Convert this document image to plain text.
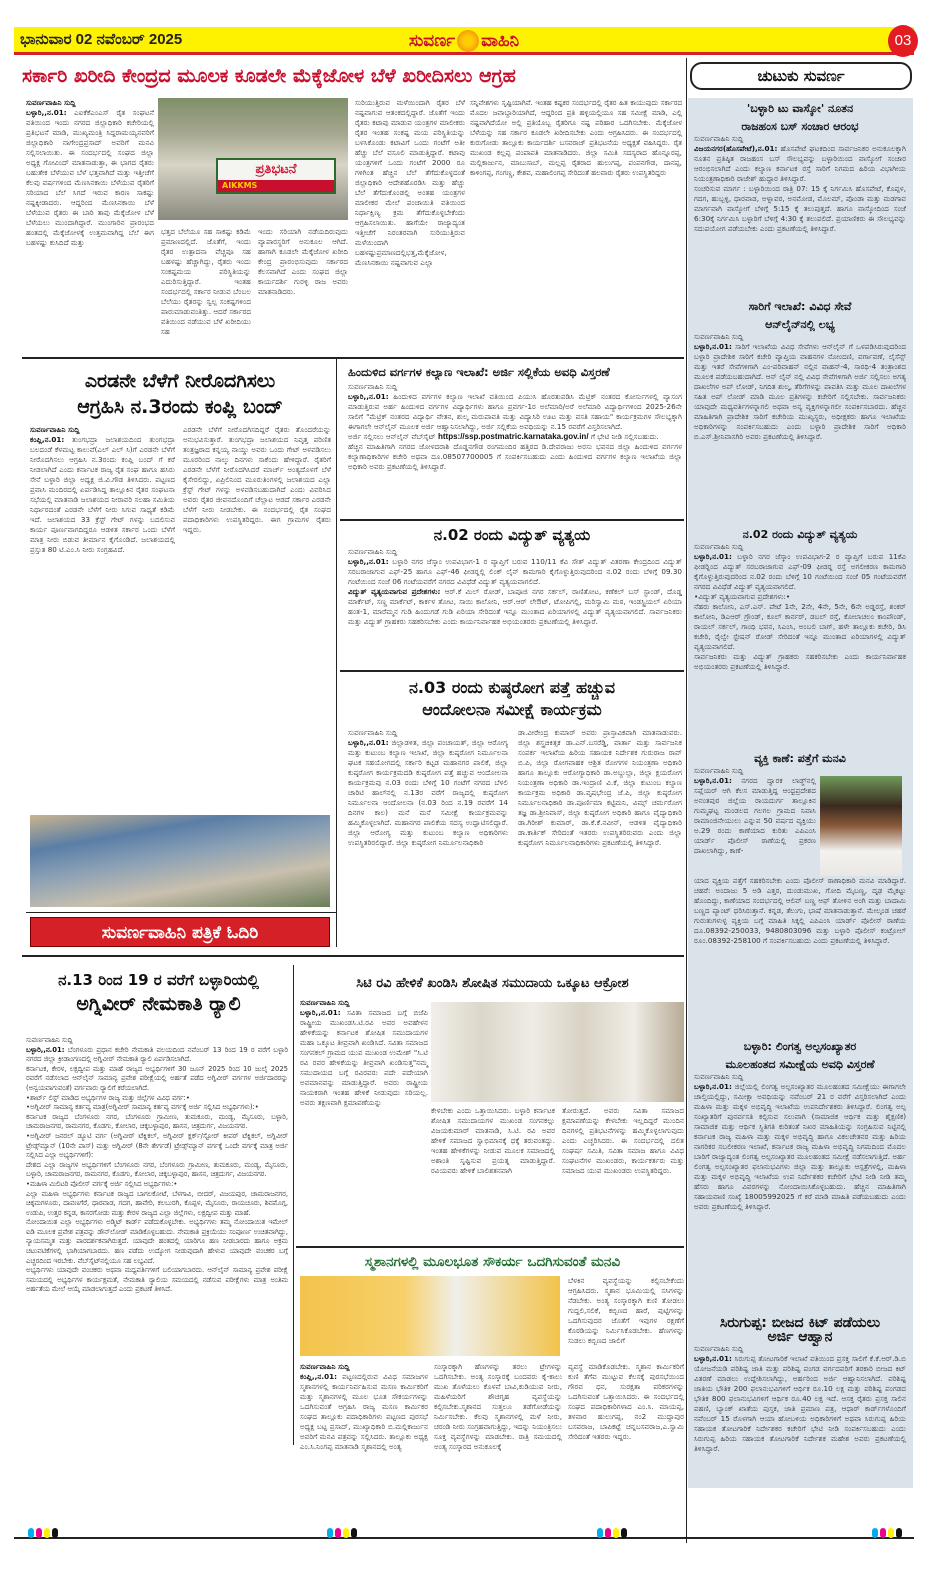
ಭಾನುವಾರ 02 ನವೆಂಬರ್ 2025	ಸುವರ್ಣ ವಾಹಿನಿ	03
ಸರ್ಕಾರಿ ಖರೀದಿ ಕೇಂದ್ರದ ಮೂಲಕ ಕೂಡಲೇ ಮೆಕ್ಕೆಜೋಳ ಬೆಳೆ ಖರೀದಿಸಲು ಆಗ್ರಹ

ಸುವರ್ಣವಾಹಿನಿ ಸುದ್ದಿ

ಬಳ್ಳಾರಿ,,ನ.01: ಎಐಕೆಕೆಎಂಎಸ್ ರೈತ ಸಂಘಟನೆ ವತಿಯಿಂದ ಇಂದು ನಗರದ ಜಿಲ್ಲಾಧಿಕಾರಿ ಕಚೇರಿಯಲ್ಲಿ ಪ್ರತಿಭಟನೆ ಮಾಡಿ, ಮುಖ್ಯಮಂತ್ರಿ ಸಿದ್ದರಾಮಯ್ಯನವರಿಗೆ ಜಿಲ್ಲಾಧಿಕಾರಿ ನಾಗೇಂದ್ರಪ್ರಸಾದ್ ಅವರಿಗೆ ಮನವಿ ಸಲ್ಲಿಸಲಾಯಿತು. ಈ ಸಂದರ್ಭದಲ್ಲಿ ಸಂಘದ ಜಿಲ್ಲಾ ಅಧ್ಯಕ್ಷ ಗೋವಿಂದ್ ಮಾತನಾಡುತ್ತಾ, ಈ ಭಾಗದ ರೈತರು ಬಹುತೇಕ ಬೆಳೆಯುವ ಬೆಳೆ ಭತ್ತವಾಗಿದೆ ಮತ್ತು ಇತ್ತೀಚೆಗೆ ಕೆಲವು ವರ್ಷಗಳಿಂದ ಮೆಣಸಿನಕಾಯಿ ಬೆಳೆಯುವ ರೈತರಿಗೆ ಸರಿಯಾದ ಬೆಲೆ ಸಿಗದೆ ಇರುವ ಕಾರಣ ಸಾಕಷ್ಟು ನಷ್ಟಕ್ಕೀಡಾದರು. ಆದ್ದರಿಂದ ಮೆಣಸಿನಕಾಯಿ ಬೆಳೆ ಬೆಳೆಯುವ ರೈತರು ಈ ಬಾರಿ ತಾವು ಮೆಕ್ಕೆಜೋಳ ಬೆಳೆ ಬೆಳೆಯಲು ಮುಂದಾಗಿದ್ದಾರೆ. ಮುಂಗಾರಿನ ಪ್ರಾರಂಭದ ಹಂತದಲ್ಲಿ ಮೆಕ್ಕೆಜೋಳಕ್ಕೆ ಉತ್ತಮವಾಗಿದ್ದ ಬೆಲೆ ಈಗ ಬಹಳಷ್ಟು ಕುಸಿದಿದೆ ಮತ್ತು

ಪ್ರತಿಭಟನೆ
AIKKMS
ಭತ್ತದ ಬೆಲೆಯೂ ಸಹ ಸಾಕಷ್ಟು ಕಡಿಮೆ ಪ್ರಮಾಣದಲ್ಲಿದೆ. ಜೊತೆಗೆ, ಇಂದು ರೈತರ ಉತ್ಪಾದನಾ ವೆಚ್ಚವೂ ಸಹ ಬಹಳಷ್ಟು ಹೆಚ್ಚಾಗಿದ್ದು, ರೈತರು ಇಂದು ಸಂಕಷ್ಟಮಯ ಪರಿಸ್ಥಿತಿಯನ್ನು ಎದುರಿಸುತ್ತಿದ್ದಾರೆ. ಇಂತಹ ಸಂದರ್ಭದಲ್ಲಿ ಸರ್ಕಾರ ನೀಡುವ ಬೆಂಬಲ ಬೆಲೆಯು ರೈತರನ್ನು ಸ್ವಲ್ಪ ಸಂಕಷ್ಟಗಳಿಂದ ಪಾರುಮಾಡುವಂತಿತ್ತು. ಆದರೆ ಸರ್ಕಾರದ ವತಿಯಿಂದ ನಡೆಯುವ ಬೆಳೆ ಖರೀದಿಯು ಸಹ
ಇಂದು ಸರಿಯಾಗಿ ನಡೆಯದಿರುವುದು ವ್ಯಾಪಾರಸ್ಥರಿಗೆ ಅನುಕೂಲ ಆಗಿದೆ. ಹಾಗಾಗಿ ಕೂಡಲೇ ಮೆಕ್ಕೆಜೋಳ ಖರೀದಿ ಕೇಂದ್ರ ಪ್ರಾರಂಭಿಸುವುದು ಸರ್ಕಾರದ ಕೆಲಸವಾಗಿದೆ ಎಂದು ಸಂಘದ ಜಿಲ್ಲಾ ಕಾರ್ಯದರ್ಶಿ ಗುರಳ್ಳಿ ರಾಜ ಅವರು ಮಾತನಾಡಿದರು.
ಸುರಿಯುತ್ತಿರುವ ಮಳೆಯಿಂದಾಗಿ ರೈತರ ಬೆಳೆ ನಷ್ಟವಾಗುವ ಆತಂಕದಲ್ಲಿದ್ದಾರೆ. ಜೊತೆಗೆ ಇಂದು ರೈತರು ಕಟಾವು ಮಾಡುವ ಯಂತ್ರಗಳ ಮಾಲೀಕರು ರೈತರ ಇಂತಹ ಸಂಕಷ್ಟ ಮಯ ಪರಿಸ್ಥಿತಿಯನ್ನು ಬಳಸಿಕೊಂಡು ಕಟಾವಿಗೆ ಒಂದು ಗಂಟೆಗೆ ಅತೀ ಹೆಚ್ಚು ಬೆಲೆ ವಸೂಲಿ ಮಾಡುತ್ತಿದ್ದಾರೆ. ಕಟಾವು ಯಂತ್ರಗಳಿಗೆ ಒಂದು ಗಂಟೆಗೆ 2000 ರೂ ಗಳಿಗಿಂತ ಹೆಚ್ಚಿನ ಬೆಲೆ ತೆಗೆದುಕೊಳ್ಳದಂತೆ ಜಿಲ್ಲಾಧಿಕಾರಿ ಆದೇಶಹೊರಡಿಸಿ ಮತ್ತು ಹೆಚ್ಚು ಬೆಲೆ ತೆಗೆದುಕೊಂಡಲ್ಲಿ ಅಂತಹ ಯಂತ್ರಗಳ ಮಾಲೀಕರ ಮೇಲೆ ಪಂಚಾಯಿತಿ ವತಿಯಿಂದ ನಿರ್ಧಾಕ್ಷಿಣ್ಯ ಕ್ರಮ ತೆಗೆದುಕೊಳ್ಳಬೇಕೆಂದು ಆಗ್ರಹಿಸಲಾಯಿತು. ಹಾಗೆಯೇ ರಾಜ್ಯಾದ್ಯಂತ ಇತ್ತೀಚೆಗೆ ನಿರಂತರವಾಗಿ ಸುರಿಯುತ್ತಿರುವ ಮಳೆಯಿಂದಾಗಿ ಬಹಳಷ್ಟುಪ್ರಮಾಣದಲ್ಲಿಭತ್ತ,ಮೆಕ್ಕೆಜೋಳ, ಮೆಣಸಿನಕಾಯಿ ನಷ್ಟವಾಗುವ ಎಲ್ಲಾ
ಸನ್ನಿವೇಶಗಳು ಸೃಷ್ಟಿಯಾಗಿವೆ. ಇಂತಹ ಕಷ್ಟಕರ ಸಂದರ್ಭದಲ್ಲಿ ರೈತರ ಹಿತ ಕಾಯುವುದು ಸರ್ಕಾರದ ಮೊದಲ ಜವಾಬ್ದಾರಿಯಾಗಿದೆ, ಆದ್ದರಿಂದ ಪ್ರತಿ ಹಳ್ಳಿಯಲ್ಲಿಯೂ ಸಹ ಸಮೀಕ್ಷೆ ಮಾಡಿ, ಎಲ್ಲಿ ನಷ್ಟವಾಗಿದೆಯೋ ಅಲ್ಲಿ ಪ್ರತಿಯೊಬ್ಬ ರೈತರಿಗೂ ನಷ್ಟ ಪರಿಹಾರ ಒದಗಿಸಬೇಕು. ಮೆಕ್ಕೆಜೋಳ ಬೆಳೆಯನ್ನು ಸಹ ಸರ್ಕಾರ ಕೂಡಲೇ ಖರೀದಿಸಬೇಕು ಎಂದು ಆಗ್ರಹಿಸಿದರು. ಈ ಸಂದರ್ಭದಲ್ಲಿ ಕುರುಗೋಡು ತಾಲ್ಲೂಕು ಕಾರ್ಯದರ್ಶಿ ಬಸವರಾಜ್ ಪ್ರತಿಭಟನೆಯ ಅಧ್ಯಕ್ಷತೆ ವಹಿಸಿದ್ದರು. ರೈತ ಮುಖಂಡ ಕಲ್ಲಪ್ಪ ಪಂಪಾಪತಿ ಮಾತನಾಡಿದರು. ಜಿಲ್ಲಾ ಸಮಿತಿ ಸದಸ್ಯರಾದ ಹೊನ್ನೂರಪ್ಪ, ಮಲ್ಲಿಕಾರ್ಜುನ, ಮಾಬುಸಾಬ್, ಮಲ್ಲಪ್ಪ ರೈತರಾದ ಹುಲುಗಪ್ಪ, ಪಂಪನಗೌಡ, ದಾನಪ್ಪ, ಕಾಳಿಂಗಪ್ಪ, ಗಂಗಣ್ಣ, ಕೇಶವ, ಮಹಾಲಿಂಗಪ್ಪ ಸೇರಿದಂತೆ ಹಲವಾರು ರೈತರು ಉಪಸ್ಥಿತರಿದ್ದರು
ಎರಡನೇ ಬೆಳೆಗೆ ನೀರೊದಗಿಸಲು
ಆಗ್ರಹಿಸಿ ನ.3ರಂದು ಕಂಪ್ಲಿ ಬಂದ್

ಸುವರ್ಣವಾಹಿನಿ ಸುದ್ದಿ

ಕಂಪ್ಲಿ,ನ.01: ತುಂಗಭದ್ರಾ ಜಲಾಶಯದಿಂದ ತುಂಗಭದ್ರಾ ಬಲದಂಡೆ ಕೆಳಮಟ್ಟ ಕಾಲುವೆ(ಎಲ್ ಎಲ್ ಸಿ)ಗೆ ಎರಡನೇ ಬೆಳೆಗೆ ನೀರೊದಗಿಸಲು ಆಗ್ರಹಿಸಿ ನ.3ರಂದು ಕಂಪ್ಲಿ ಬಂದ್ ಗೆ ಕರೆ ನೀಡಲಾಗಿದೆ ಎಂದು ಕರ್ನಾಟಕ ರಾಜ್ಯ ರೈತ ಸಂಘ ಹಾಗೂ ಹಸಿರು ಸೇನೆ ಬಳ್ಳಾರಿ ಜಿಲ್ಲಾ ಅಧ್ಯಕ್ಷ ಜಿ.ವಿ.ಗೌಡ ತಿಳಿಸಿದರು. ಪಟ್ಟಣದ ಪ್ರವಾಸಿ ಮಂದಿರದಲ್ಲಿ ಏರ್ಪಡಿಸಿದ್ದ ತಾಲ್ಲೂಕಿನ ರೈತರ ಸಂಘಟನಾ ಸಭೆಯಲ್ಲಿ ಮಾತನಾಡಿ ಜಲಾಶಯದ ನೀರಾವರಿ ಸಲಹಾ ಸಮಿತಿಯ ನಿರ್ಧಾರದಂತೆ ಎರಡನೇ ಬೆಳೆಗೆ ನೀರು ಸಿಗುವ ಸಾಧ್ಯತೆ ಕಡಿಮೆ ಇದೆ. ಜಲಾಶಯದ 33 ಕ್ರೆಸ್ಟ್ ಗೇಟ್ ಗಳನ್ನು ಬದಲಿಸುವ ಕಾರ್ಯ ಪೂರ್ಣವಾಗದಿದ್ದರೂ ಆಡಳಿತ ಸರ್ಕಾರ ಒಂದು ಬೆಳೆಗೆ ಮಾತ್ರ ನೀರು ಬಿಡುವ ತೀರ್ಮಾನ ಕೈಗೊಂಡಿದೆ. ಜಲಾಶಯದಲ್ಲಿ ಪ್ರಸ್ತುತ 80 ಟಿ.ಎಂ.ಸಿ ನೀರು ಸಂಗ್ರಹವಿದೆ.

ಎರಡನೇ ಬೆಳೆಗೆ ನೀರೊದಗಿಸದಿದ್ದರೆ ರೈತರು ತೊಂದರೆಯನ್ನು ಅನುಭವಿಸುತ್ತಾರೆ. ತುಂಗಭದ್ರಾ ಜಲಾಶಯದ ನಿವೃತ್ತ ಪರಿಣಿತ ತಂತ್ರಜ್ಞರಾದ ಕನ್ನಯ್ಯ ನಾಯ್ಡು ಅವರು ಒಂದು ಗೇಟ್ ಅಳವಡಿಸಲು ಮೂರರಿಂದ ನಾಲ್ಕು ದಿನಗಳು ಸಾಕೆಂದು ಹೇಳಿದ್ದಾರೆ. ರೈತರಿಗೆ ಎರಡನೇ ಬೆಳೆಗೆ ನೀರೊದಗಿಸಿದರೆ ಮಾರ್ಚ್ ಅಂತ್ಯದೊಳಗೆ ಬೆಳೆ ಕೈಸೇರಲಿದ್ದು, ಏಪ್ರಿಲಿನಿಂದ ಮೂರುತಿಂಗಳಲ್ಲಿ ಜಲಾಶಯದ ಎಲ್ಲಾ ಕ್ರೆಸ್ಟ್ ಗೇಟ್ ಗಳನ್ನು ಅಳವಡಿಸಬಹುದಾಗಿದೆ ಎಂದು ವಿವರಿಸಿದ ಅವರು ರೈತರ ಜೀವನದೊಂದಿಗೆ ಚೆಲ್ಲಾಟ ಆಡದೆ ಸರ್ಕಾರ ಎರಡನೇ ಬೆಳೆಗೆ ನೀರು ನೀಡಬೇಕು. ಈ ಸಂದರ್ಭದಲ್ಲಿ ರೈತ ಸಂಘದ ಪದಾಧಿಕಾರಿಗಳು ಉಪಸ್ಥಿತರಿದ್ದರು. ಈಗ ಗ್ರಾಮಗಳ ರೈತರು ಇದ್ದರು.
ಸುವರ್ಣವಾಹಿನಿ ಪತ್ರಿಕೆ ಓದಿರಿ
ಹಿಂದುಳಿದ ವರ್ಗಗಳ ಕಲ್ಯಾಣ ಇಲಾಖೆ: ಅರ್ಜಿ ಸಲ್ಲಿಕೆಯ ಅವಧಿ ವಿಸ್ತರಣೆ

ಸುವರ್ಣವಾಹಿನಿ ಸುದ್ದಿ

ಬಳ್ಳಾರಿ,,ನ.01: ಹಿಂದುಳಿದ ವರ್ಗಗಳ ಕಲ್ಯಾಣ ಇಲಾಖೆ ವತಿಯಿಂದ ಪಿಯುಸಿ ಹೊರತುಪಡಿಸಿ ಮೆಟ್ರಿಕ್ ನಂತರದ ಕೋರ್ಸುಗಳಲ್ಲಿ ವ್ಯಾಸಂಗ ಮಾಡುತ್ತಿರುವ ಅರ್ಹ ಹಿಂದುಳಿದ ವರ್ಗಗಳ ವಿದ್ಯಾರ್ಥಿಗಳು ಹಾಗೂ ಪ್ರವರ್ಗ-1ರ ಅಲೆಮಾರಿ/ಅರೆ ಅಲೆಮಾರಿ ವಿದ್ಯಾರ್ಥಿಗಳಿಂದ 2025-26ನೇ ಸಾಲಿಗೆ "ಮೆಟ್ರಿಕ್ ನಂತರದ ವಿದ್ಯಾರ್ಥಿ ವೇತನ, ಶುಲ್ಕ ಮರುಪಾವತಿ ಮತ್ತು ವಿದ್ಯಾಸಿರಿ ಊಟ ಮತ್ತು ವಸತಿ ಸಹಾಯ" ಕಾರ್ಯಕ್ರಮಗಳ ಸೌಲಭ್ಯಕ್ಕಾಗಿ ಈಗಾಗಲೇ ಆನ್‍ಲೈನ್ ಮೂಲಕ ಅರ್ಜಿ ಆಹ್ವಾನಿಸಲಾಗಿದ್ದು, ಅರ್ಜಿ ಸಲ್ಲಿಕೆಯ ಅವಧಿಯನ್ನು ನ.15 ರವರೆಗೆ ವಿಸ್ತರಿಸಲಾಗಿದೆ.

ಅರ್ಜಿ ಸಲ್ಲಿಸಲು ಆನ್‍ಲೈನ್ ವೆಬ್‍ಸೈಟ್ https://ssp.postmatric.karnataka.gov.in/ ಗೆ ಭೇಟಿ ನೀಡಿ ಸಲ್ಲಿಸಬಹುದು.

ಹೆಚ್ಚಿನ ಮಾಹಿತಿಗಾಗಿ ನಗರದ ಜೋಳದರಾಶಿ ದೊಡ್ಡನಗೌಡ ರಂಗಮಂದಿರ ಹತ್ತಿರದ ಡಿ.ದೇವರಾಜು ಅರಸು ಭವನದ ಜಿಲ್ಲಾ ಹಿಂದುಳಿದ ವರ್ಗಗಳ ಕಲ್ಯಾಣಾಧಿಕಾರಿಗಳ ಕಚೇರಿ ಅಥವಾ ದೂ.08507700005 ಗೆ ಸಂಪರ್ಕಿಸಬಹುದು ಎಂದು ಹಿಂದುಳಿದ ವರ್ಗಗಳ ಕಲ್ಯಾಣ ಇಲಾಖೆಯ ಜಿಲ್ಲಾ ಅಧಿಕಾರಿ ಅವರು ಪ್ರಕಟಣೆಯಲ್ಲಿ ತಿಳಿಸಿದ್ದಾರೆ.

ನ.02 ರಂದು ವಿದ್ಯುತ್ ವ್ಯತ್ಯಯ

ಸುವರ್ಣವಾಹಿನಿ ಸುದ್ದಿ

ಬಳ್ಳಾರಿ,,ನ.01: ಬಳ್ಳಾರಿ ನಗರ ಜೆಸ್ಕಾಂ ಉಪವಿಭಾಗ-1 ರ ವ್ಯಾಪ್ತಿಗೆ ಬರುವ 110/11 ಕೆವಿ ಸೌತ್ ವಿದ್ಯುತ್ ವಿತರಣಾ ಕೇಂದ್ರದಿಂದ ವಿದ್ಯುತ್ ಸರಬರಾಜಾಗುವ ಎಫ್-25 ಹಾಗೂ ಎಫ್-46 ಫೀಡರ್‍ನಲ್ಲಿ ಲಿಂಕ್ ಲೈನ್ ಕಾಮಗಾರಿ ಕೈಗೊಳ್ಳುತ್ತಿರುವುದರಿಂದ ನ.02 ರಂದು ಬೆಳಿಗ್ಗೆ 09.30 ಗಂಟೆಯಿಂದ ಸಂಜೆ 06 ಗಂಟೆಯವರೆಗೆ ನಗರದ ವಿವಿಧೆಡೆ ವಿದ್ಯುತ್ ವ್ಯತ್ಯಯವಾಗಲಿದೆ.

ವಿದ್ಯುತ್ ವ್ಯತ್ಯಯವಾಗುವ ಪ್ರದೇಶಗಳು: ಆರ್.ಕೆ ಮಿಲ್ ರೋಡ್, ಬಾಪೂಜಿ ನಗರ ಸರ್ಕಲ್, ರಾಣಿತೋಟ, ಕಣೆಕಲ್ ಬಸ್ ಸ್ಟಾಂಡ್, ದೊಡ್ಡ ಮಾರ್ಕೆಟ್, ಸಣ್ಣ ಮಾರ್ಕೆಟ್, ಕಾರ್ಕಳ ತೋಟ, ಸಾಯಿ ಕಾಲೋನಿ, ಆರ್.ಆರ್ ಲೇಔಟ್, ಟೋಪಿಗಲ್ಲಿ, ಮರಿಸ್ವಾಮಿ ಮಠ, ಇಂಡಸ್ಟ್ರಿಯಲ್ ಏರಿಯಾ ಹಂತ-1, ಮಾರೆಮ್ಮನ ಗುಡಿ ಹಿಂದುಗಡೆ ಗುಡಿ ಏರಿಯಾ ಸೇರಿದಂತೆ ಇನ್ನೂ ಮುಂತಾದ ಏರಿಯಾಗಳಲ್ಲಿ ವಿದ್ಯುತ್ ವ್ಯತ್ಯಯವಾಗಲಿದೆ. ಸಾರ್ವಜನಿಕರು ಮತ್ತು ವಿದ್ಯುತ್ ಗ್ರಾಹಕರು ಸಹಕರಿಸಬೇಕು ಎಂದು ಕಾರ್ಯನಿರ್ವಾಹಕ ಅಭಿಯಂತರರು ಪ್ರಕಟಣೆಯಲ್ಲಿ ತಿಳಿಸಿದ್ದಾರೆ.

ನ.03 ರಂದು ಕುಷ್ಠರೋಗ ಪತ್ತೆ ಹಚ್ಚುವ
ಆಂದೋಲನಾ ಸಮೀಕ್ಷೆ ಕಾರ್ಯಕ್ರಮ

ಸುವರ್ಣವಾಹಿನಿ ಸುದ್ದಿ

ಬಳ್ಳಾರಿ,,ನ.01: ಜಿಲ್ಲಾಡಳಿತ, ಜಿಲ್ಲಾ ಪಂಚಾಯತ್, ಜಿಲ್ಲಾ ಆರೋಗ್ಯ ಮತ್ತು ಕುಟುಂಬ ಕಲ್ಯಾಣ ಇಲಾಖೆ, ಜಿಲ್ಲಾ ಕುಷ್ಠರೋಗ ನಿರ್ಮೂಲನಾ ಘಟಕ ಸಹಯೋಗದಲ್ಲಿ ಸರ್ಕಾರಿ ಕಟ್ಟಡ ಮಹಾನಗರ ಪಾಲಿಕೆ, ಜಿಲ್ಲಾ ಕುಷ್ಠರೋಗ ಕಾರ್ಯಕ್ರಮದಡಿ ಕುಷ್ಠರೋಗ ಪತ್ತೆ ಹಚ್ಚುವ ಆಂದೋಲನಾ ಕಾರ್ಯಕ್ರಮವು ನ.03 ರಂದು ಬೆಳಿಗ್ಗೆ 10 ಗಂಟೆಗೆ ನಗರದ ಬೆಳಲಿ ಚಾರಿಟಿ ಹಾಲ್‍ನಲ್ಲಿ ನ.13ರ ವರೆಗೆ ರಾಜ್ಯದಲ್ಲಿ ಕುಷ್ಠರೋಗ ನಿರ್ಮೂಲನಾ ಆಂದೋಲನಾ (ನ.03 ರಿಂದ ನ.19 ರವರೆಗೆ 14 ದಿನಗಳ ಕಾಲ) ಮನೆ ಮನೆ ಸಮೀಕ್ಷೆ ಕಾರ್ಯಕ್ರಮವನ್ನು ಹಮ್ಮಿಕೊಳ್ಳಲಾಗಿದೆ. ಮಹಾನಗರ ಪಾಲಿಕೆಯ ಸದಸ್ಯ ಉದ್ಘಾಟಿಸಲಿದ್ದಾರೆ. ಜಿಲ್ಲಾ ಆರೋಗ್ಯ ಮತ್ತು ಕುಟುಂಬ ಕಲ್ಯಾಣ ಅಧಿಕಾರಿಗಳು ಉಪಸ್ಥಿತರಿರಲಿದ್ದಾರೆ. ಜಿಲ್ಲಾ ಕುಷ್ಠರೋಗ ನಿರ್ಮೂಲನಾಧಿಕಾರಿ

ಡಾ.ವೀರೇಂದ್ರ ಕುಮಾರ್ ಅವರು ಪ್ರಾಸ್ತಾವಿಕವಾಗಿ ಮಾತನಾಡುವರು. ಜಿಲ್ಲಾ ಶಸ್ತ್ರಚಿಕಿತ್ಸಕ ಡಾ.ಎನ್.ಬಸರೆಡ್ಡಿ, ವಾರ್ತಾ ಮತ್ತು ಸಾರ್ವಜನಿಕ ಸಂಪರ್ಕ ಇಲಾಖೆಯ ಹಿರಿಯ ಸಹಾಯಕ ನಿರ್ದೇಶಕ ಗುರುರಾಜ ರಾವ್ ಬಿ.ಪಿ, ಜಿಲ್ಲಾ ರೋಗವಾಹಕ ಆಶ್ರಿತ ರೋಗಗಳ ನಿಯಂತ್ರಣಾ ಅಧಿಕಾರಿ ಹಾಗೂ ತಾಲ್ಲೂಕು ಆರೋಗ್ಯಾಧಿಕಾರಿ ಡಾ.ಅಬ್ದುಲ್ಲಾ, ಜಿಲ್ಲಾ ಕ್ಷಯರೋಗ ನಿಯಂತ್ರಣಾ ಅಧಿಕಾರಿ ಡಾ.ಇಂದ್ರಾಣಿ ವಿ.ಕೆ, ಜಿಲ್ಲಾ ಕುಟುಂಬ ಕಲ್ಯಾಣ ಕಾರ್ಯಕ್ರಮ ಅಧಿಕಾರಿ ಡಾ.ವೃಷಭೇಂದ್ರ ಜೆ.ಪಿ, ಜಿಲ್ಲಾ ಕುಷ್ಠರೋಗ ನಿರ್ಮೂಲನಾಧಿಕಾರಿ ಡಾ.ಪೂರ್ಣಿಮಾ ಕಟ್ಟಿಮನಿ, ವಿಮ್ಸ್ ಚರ್ಮರೋಗ ತಜ್ಞ ಡಾ.ಶ್ರೀನಿವಾಸ್, ಜಿಲ್ಲಾ ಕುಷ್ಠರೋಗ ಅಧಿಕಾರಿ ಹಾಗೂ ವೈದ್ಯಾಧಿಕಾರಿ ಡಾ.ಗಿರೀಶ್ ಕುಮಾರ್, ಡಾ.ಕೆ.ಕೆ.ನವೀನ್, ಆಡಳಿತ ವೈದ್ಯಾಧಿಕಾರಿ ಡಾ.ಕಾರ್ತಿಕ್ ಸೇರಿದಂತೆ ಇತರರು ಉಪಸ್ಥಿತರಿರುವರು ಎಂದು ಜಿಲ್ಲಾ ಕುಷ್ಠರೋಗ ನಿರ್ಮೂಲನಾಧಿಕಾರಿಗಳು ಪ್ರಕಟಣೆಯಲ್ಲಿ ತಿಳಿಸಿದ್ದಾರೆ.
ನ.13 ರಿಂದ 19 ರ ವರೆಗೆ ಬಳ್ಳಾರಿಯಲ್ಲಿ
ಅಗ್ನಿವೀರ್ ನೇಮಕಾತಿ ರ್‍ಯಾಲಿ

ಸುವರ್ಣವಾಹಿನಿ ಸುದ್ದಿ

ಬಳ್ಳಾರಿ,,ನ.01: ಬೆಂಗಳೂರು ಪ್ರಧಾನ ಕಚೇರಿ ನೇಮಕಾತಿ ವಲಯದಿಂದ ನವೆಂಬರ್ 13 ರಿಂದ 19 ರ ವರೆಗೆ ಬಳ್ಳಾರಿ ನಗರದ ಜಿಲ್ಲಾ ಕ್ರೀಡಾಂಗಣದಲ್ಲಿ ಅಗ್ನಿವೀರ್ ನೇಮಕಾತಿ ರ್‍ಯಾಲಿ ಏರ್ಪಡಿಸಲಾಗಿದೆ.

ಕರ್ನಾಟಕ, ಕೇರಳ, ಲಕ್ಷದ್ವೀಪ ಮತ್ತು ಮಾಹೆ ರಾಜ್ಯದ ಅಭ್ಯರ್ಥಿಗಳಿಗೆ 30 ಜೂನ್ 2025 ರಿಂದ 10 ಜುಲೈ 2025 ರವರೆಗೆ ನಡೆಸಲಾದ ಆನ್‍ಲೈನ್ ಸಾಮಾನ್ಯ ಪ್ರವೇಶ ಪರೀಕ್ಷೆಯಲ್ಲಿ ಅರ್ಹತೆ ಪಡೆದ ಅಗ್ನಿವೀರ್ ವರ್ಗಗಳ ಅರ್ಜಿದಾರರನ್ನು (ಅನ್ವಯವಾಗುವಂತೆ) ವರ್ಗವಾರು ರ್‍ಯಾಲಿಗೆ ಕರೆಯಲಾಗಿದೆ.

•ಶಾರ್ಟ್ ಲಿಸ್ಟ್ ಮಾಡಿದ ಅಭ್ಯರ್ಥಿಗಳ ರಾಜ್ಯ ಮತ್ತು ಜಿಲ್ಲೆಗಳ ವಿವಿಧ ವರ್ಗ:•

•ಅಗ್ನಿವೀರ್ ಸಾಮಾನ್ಯ ಕರ್ತವ್ಯ ಮಾತ್ರ(ಅಗ್ನಿವೀರ್ ಸಾಮಾನ್ಯ ಕರ್ತವ್ಯ ವರ್ಗಕ್ಕೆ ಅರ್ಜಿ ಸಲ್ಲಿಸಿದ ಅಭ್ಯರ್ಥಿಗಳು):•

ಕರ್ನಾಟಕ ರಾಜ್ಯದ ಬೆಂಗಳೂರು ನಗರ, ಬೆಂಗಳೂರು ಗ್ರಾಮೀಣ, ತುಮಕೂರು, ಮಂಡ್ಯ, ಮೈಸೂರು, ಬಳ್ಳಾರಿ, ಚಾಮರಾಜನಗರ, ರಾಮನಗರ, ಕೊಡಗು, ಕೋಲಾರ, ಚಿಕ್ಕಬಳ್ಳಾಪುರ, ಹಾಸನ, ಚಿತ್ರದುರ್ಗ, ವಿಜಯನಗರ.

•ಅಗ್ನಿವೀರ್ ಜನರಲ್ ಡ್ಯೂಟಿ ವರ್ಗ (ಅಗ್ನಿವೀರ್ ಟೆಕ್ನಿಕಲ್, ಅಗ್ನಿವೀರ್ ಕ್ಲರ್ಕ್/ಸ್ಟೋರ್ ಕೀಪರ್ ಟೆಕ್ನಿಕಲ್, ಅಗ್ನಿವೀರ್ ಟ್ರೇಡ್ಸ್‌ಮ್ಯಾನ್ (10ನೇ ಪಾಸ್) ಮತ್ತು ಅಗ್ನಿವೀರ್ (8ನೇ ತೇರ್ಗಡೆ) ಟ್ರೇಡ್ಸ್‌ಮ್ಯಾನ್ ವರ್ಗಕ್ಕೆ ಒಂದೇ ವರ್ಗಕ್ಕೆ ಮಾತ್ರ ಅರ್ಜಿ ಸಲ್ಲಿಸಿದ ಎಲ್ಲಾ ಅಭ್ಯರ್ಥಿಗಳಿಗೆ):

ದೇಶದ ಎಲ್ಲಾ ರಾಜ್ಯಗಳ ಅಭ್ಯರ್ಥಿಗಳಿಗೆ ಬೆಂಗಳೂರು ನಗರ, ಬೆಂಗಳೂರು ಗ್ರಾಮೀಣ, ತುಮಕೂರು, ಮಂಡ್ಯ, ಮೈಸೂರು, ಬಳ್ಳಾರಿ, ಚಾಮರಾಜನಗರ, ರಾಮನಗರ, ಕೊಡಗು, ಕೋಲಾರ, ಚಿಕ್ಕಬಳ್ಳಾಪುರ, ಹಾಸನ, ಚಿತ್ರದುರ್ಗ, ವಿಜಯನಗರ.

•ಮಹಿಳಾ ಮಿಲಿಟರಿ ಪೊಲೀಸ್ ವರ್ಗಕ್ಕೆ ಅರ್ಜಿ ಸಲ್ಲಿಸಿದ ಅಭ್ಯರ್ಥಿಗಳು:•

ಎಲ್ಲಾ ಮಹಿಳಾ ಅಭ್ಯರ್ಥಿಗಳು ಕರ್ನಾಟಕ ರಾಜ್ಯದ ಬಾಗಲಕೋಟೆ, ಬೆಳಗಾವಿ, ಬೀದರ್, ವಿಜಯಪುರ, ಚಾಮರಾಜನಗರ, ಚಿಕ್ಕಮಗಳೂರು, ದಾವಣಗೆರೆ, ಧಾರವಾಡ, ಗದಗ, ಹಾವೇರಿ, ಕಲಬುರಗಿ, ಕೊಪ್ಪಳ, ಮೈಸೂರು, ರಾಯಚೂರು, ಶಿವಮೊಗ್ಗ, ಉಡುಪಿ, ಉತ್ತರ ಕನ್ನಡ, ಕಾಸರಗೋಡು ಮತ್ತು ಕೇರಳ ರಾಜ್ಯದ ಎಲ್ಲಾ ಜಿಲ್ಲೆಗಳು, ಲಕ್ಷದ್ವೀಪ ಮತ್ತು ಮಾಹೆ.

ನೋಂದಾಯಿತ ಎಲ್ಲಾ ಅಭ್ಯರ್ಥಿಗಳು ಅಡ್ಮಿಟ್ ಕಾರ್ಡ್ ಪಡೆದುಕೊಳ್ಳಬೇಕು. ಅಭ್ಯರ್ಥಿಗಳು ತಮ್ಮ ನೋಂದಾಯಿತ ಇಮೇಲ್ ಐಡಿ ಮೂಲಕ ಪ್ರವೇಶ ಪತ್ರವನ್ನು ಡೌನ್‍ಲೋಡ್ ಮಾಡಿಕೊಳ್ಳಬಹುದು. ನೇಮಕಾತಿ ಪ್ರಕ್ರಿಯೆಯು ಸಂಪೂರ್ಣ ಉಚಿತವಾಗಿದ್ದು, ನ್ಯಾಯಸಮ್ಮತ ಮತ್ತು ಪಾರದರ್ಶಕವಾಗಿರುತ್ತದೆ. ಯಾವುದೇ ಹಂತದಲ್ಲಿ ಯಾರಿಗೂ ಹಣ ನೀಡಬಾರದು ಹಾಗೂ ಅಕ್ರಮ ಚಟುವಟಿಕೆಗಳಲ್ಲಿ ಭಾಗಿಯಾಗಬಾರದು. ಹಣ ಪಡೆದು ಉದ್ಯೋಗ ನೀಡುವುದಾಗಿ ಹೇಳುವ ಯಾವುದೇ ವಂಚಕರ ಬಗ್ಗೆ ಎಚ್ಚರದಿಂದ ಇರಬೇಕು. ವೆಬ್‍ಸೈಟ್‍ನಲ್ಲಿಯೂ ಸಹ ಲಭ್ಯವಿದೆ.

ಅಭ್ಯರ್ಥಿಗಳು ಯಾವುದೇ ವಂಚಕರು ಅಥವಾ ಮಧ್ಯವರ್ತಿಗಳಿಗೆ ಬಲಿಯಾಗಬಾರದು. ಆನ್‍ಲೈನ್ ಸಾಮಾನ್ಯ ಪ್ರವೇಶ ಪರೀಕ್ಷೆ ಸಮಯದಲ್ಲಿ ಅಭ್ಯರ್ಥಿಗಳ ಕಾರ್ಯಕ್ಷಮತೆ, ನೇಮಕಾತಿ ರ್‍ಯಾಲಿಯ ಸಮಯದಲ್ಲಿ ನಡೆಸುವ ಪರೀಕ್ಷೆಗಳು ಮಾತ್ರ ಅಂತಿಮ ಅರ್ಹತೆಯ ಮೇಲೆ ಆಯ್ಕೆ ಮಾಡಲಾಗುತ್ತದೆ ಎಂದು ಪ್ರಕಟಣೆ ತಿಳಿಸಿದೆ.

ಸಿಟಿ ರವಿ ಹೇಳಿಕೆ ಖಂಡಿಸಿ ಶೋಷಿತ ಸಮುದಾಯ ಒಕ್ಕೂಟ ಆಕ್ರೋಶ

ಸುವರ್ಣವಾಹಿನಿ ಸುದ್ದಿ

ಬಳ್ಳಾರಿ,,ನ.01: ಸವಿತಾ ಸಮಾಜದ ಬಗ್ಗೆ ಬಿಜೆಪಿ ರಾಷ್ಟ್ರೀಯ ಮುಖಂಡಸಿ.ಟಿ.ರವಿ ಅವರ ಅವಹೇಳನ ಹೇಳಿಕೆಯನ್ನು ಕರ್ನಾಟಕ ಶೋಷಿತ ಸಮುದಾಯಗಳ ಮಹಾ ಒಕ್ಕೂಟ ತೀವ್ರವಾಗಿ ಖಂಡಿಸಿದೆ. ಸವಿತಾ ಸಮಾಜದ ಸಂಗನಕಲ್ ಗ್ರಾಮದ ಯುವ ಮುಖಂಡ ಉಮೇಶ್ "ಸಿ.ಟಿ ರವಿ ರವರ ಹೇಳಿಕೆಯನ್ನು ತೀವ್ರವಾಗಿ ಖಂಡಿಸುತ್ತ"ನಮ್ಮ ಸಮುದಾಯದ ಬಗ್ಗೆ ರವಿರವರು ಪದೇ ಪದೇಯಾಗಿ ಅವಮಾನವನ್ನು ಮಾಡುತ್ತಿದ್ದಾರೆ. ಅವರು ರಾಷ್ಟ್ರೀಯ ನಾಯಕರಾಗಿ ಇಂತಹ ಹೇಳಿಕೆ ನೀಡುವುದು ಸರಿಯಲ್ಲ. ಅವರು ತಕ್ಷಣವಾಗಿ ಕ್ಷಮಾಪಣೆಯನ್ನು

ಕೇಳಬೇಕು ಎಂದು ಒತ್ತಾಯಿಸಿದರು. ಬಳ್ಳಾರಿ ಕರ್ನಾಟಕ ಶೋಷಿತ ಸಮುದಾಯಗಳ ಮುಖಂಡ ಸಂಗನಕಲ್ಲು ವಿಜಯಕುಮಾರ್ ಮಾತನಾಡಿ, ಸಿ.ಟಿ. ರವಿ ಅವರ ಹೇಳಿಕೆ ಸಮಾಜದ ಸ್ವಾಭಿಮಾನಕ್ಕೆ ಧಕ್ಕೆ ತರುವಂತದ್ದು. ಇಂತಹ ಹೇಳಿಕೆಗಳನ್ನು ನೀಡುವ ಮೂಲಕ ಸಮಾಜದಲ್ಲಿ ಅಶಾಂತಿ ಸೃಷ್ಟಿಸುವ ಪ್ರಯತ್ನ ಮಾಡುತ್ತಿದ್ದಾರೆ. ರವಿಯವರು ಹೇಳಿಕೆ ಬಾಲಿಶತನವಾಗಿ
ತೋರುತ್ತದೆ. ಅವರು ಸವಿತಾ ಸಮಾಜದ ಕ್ಷಮಾಪಣೆಯನ್ನು ಕೇಳಬೇಕು ಇಲ್ಲದಿದ್ದರೆ ಮುಂದಿನ ದಿನಗಳಲ್ಲಿ ಪ್ರತಿಭಟನೆಗಳನ್ನು ಹಮ್ಮಿಕೊಳ್ಳಲಾಗುವುದು ಎಂದು ಎಚ್ಚರಿಸಿದರು. ಈ ಸಂದರ್ಭದಲ್ಲಿ ದಲಿತ ಸಂಘರ್ಷ ಸಮಿತಿ, ಸವಿತಾ ಸಮಾಜ ಹಾಗೂ ವಿವಿಧ ಸಂಘಟನೆಗಳ ಮುಖಂಡರು, ಕಾರ್ಯಕರ್ತರು ಮತ್ತು ಸಮಾಜದ ಯುವ ಮುಖಂಡರು ಉಪಸ್ಥಿತರಿದ್ದರು.
ಸ್ಮಶಾನಗಳಲ್ಲಿ ಮೂಲಭೂತ ಸೌಕರ್ಯ ಒದಗಿಸುವಂತೆ ಮನವಿ
ಬೆಳಕಿನ ವ್ಯವಸ್ಥೆಯನ್ನು ಕಲ್ಪಿಸಬೇಕೆಂದು ಆಗ್ರಹಿಸಿದರು. ಸ್ಮಶಾನ ಭೂಮಿಯಲ್ಲಿ ಸಸಿಗಳನ್ನು ನೆಡಬೇಕು. ಅಂತ್ಯ ಸಂಸ್ಕಾರಕ್ಕಾಗಿ ಕುಣಿ ತೋಡಲು ಗುದ್ದಲಿ,ಸಲಿಕೆ, ಕಬ್ಬಿಣದ ಹಾರೆ, ಪುಟ್ಟಿಗಳನ್ನು ಒದಗಿಸುವುದರ ಜೊತೆಗೆ ಇವುಗಳ ರಕ್ಷಣೆಗೆ ಕೊಠಡಿಯನ್ನು ನಿರ್ಮಿಸಿಕೊಡಬೇಕು. ಹೆಣಗಳನ್ನು ಸುಡಲು ಕಬ್ಬಿಣದ ಜಾಲಿಗೆ

ಸುವರ್ಣವಾಹಿನಿ ಸುದ್ದಿ

ಕಂಪ್ಲಿ,,ನ.01: ಪಟ್ಟಣದಲ್ಲಿರುವ ವಿವಿಧ ಸಮಾಜಗಳ ಸ್ಮಶಾನಗಳಲ್ಲಿ ಕಾರ್ಯನಿರ್ವಹಿಸುವ ಮಸಣ ಕಾರ್ಮಿಕರಿಗೆ ಮತ್ತು ಸ್ಮಶಾನಗಳಲ್ಲಿ ಮೂಲ ಭೂತ ಸೌಕರ್ಯಗಳನ್ನು ಒದಗಿಸುವಂತೆ ಆಗ್ರಹಿಸಿ ರಾಜ್ಯ ಮಸಣ ಕಾರ್ಮಿಕರ ಸಂಘದ ತಾಲ್ಲೂಕು ಪದಾಧಿಕಾರಿಗಳು ಪಟ್ಟಣದ ಪುರಸಭೆ ಅಧ್ಯಕ್ಷ ಬಟ್ಟ ಪ್ರಸಾದ್, ಮುಖ್ಯಾಧಿಕಾರಿ ಬಿ.ಮಲ್ಲಿಕಾರ್ಜುನ ಅವರಿಗೆ ಮನವಿ ಪತ್ರವನ್ನು ಸಲ್ಲಿಸಿದರು. ತಾಲ್ಲೂಕು ಅಧ್ಯಕ್ಷ ಎಂ.ಸಿ.ನಿಂಗಪ್ಪ ಮಾತನಾಡಿ ಸ್ಮಶಾನದಲ್ಲಿ ಅಂತ್ಯ

ಸಂಸ್ಕಾರಕ್ಕಾಗಿ ಹೆಣಗಳನ್ನು ತರಲು ಟ್ರೇಗಳನ್ನು ಒದಗಿಸಬೇಕು. ಅಂತ್ಯ ಸಂಸ್ಕಾರಕ್ಕೆ ಬಂದವರು ಕೈ-ಕಾಲು ಮುಖ ತೊಳೆಯಲು ಕೊಳವೆ ಬಾವಿ,ಕುಡಿಯುವ ನೀರು, ಮಹಿಳೆಯರಿಗೆ ಶೌಚಗೃಹ ವ್ಯವಸ್ಥೆಯನ್ನು ಕಲ್ಪಿಸಬೇಕು.ಸ್ಮಶಾನದ ಸುತ್ತಲೂ ತಡೆಗೋಡೆಯನ್ನು ನಿರ್ಮಿಸಬೇಕು. ಕೆಲವು ಸ್ಮಶಾನಗಳಲ್ಲಿ ಮಳೆ ನೀರು, ಚರಂಡಿ ನೀರು ಸಂಗ್ರಹವಾಗುತ್ತಿದ್ದು, ಇದನ್ನು ನಿಯಂತ್ರಿಸಲು ಸೂಕ್ತ ವ್ಯವಸ್ಥೆಗಳನ್ನು ಮಾಡಬೇಕು. ರಾತ್ರಿ ಸಮಯದಲ್ಲಿ ಅಂತ್ಯ ಸಂಸ್ಕಾರದ ಅನುಕೂಲಕ್ಕೆ
ವ್ಯವಸ್ಥೆ ಮಾಡಿಕೊಡಬೇಕು. ಸ್ಮಶಾನ ಕಾರ್ಮಿಕರಿಗೆ ಕುಣಿ ತೆಗೆವ ಮುಟ್ಟುವ ಕೆಲಸಕ್ಕೆ ಪುರಸಭೆಯಿಂದ ಗೌರವ ಧನ, ಸುರಕ್ಷತಾ ಪರಿಕರಗಳನ್ನು ಒದಗಿಸುವಂತೆ ಒತ್ತಾಯಿಸಿದರು. ಈ ಸಂದರ್ಭದಲ್ಲಿ ಸಂಘದ ಪದಾಧಿಕಾರಿಗಳಾದ ಎಂ.ಸಿ. ಮಾಯಪ್ಪ, ತಳವಾರ ಹುಲುಗಪ್ಪ, ನಂ2 ಮುದ್ದಾಪುರ ಬಸವರಾಜ, ಬಾಪಿಕಟ್ಟೆ ಚನ್ನಬಸವರಾಜ,ಎ.ಸ್ವಾಮಿ ಸೇರಿದಂತೆ ಇತರರು ಇದ್ದರು.
ಚುಟುಕು ಸುವರ್ಣ
'ಬಳ್ಳಾರಿ ಟು ವಾಸ್ಕೋ' ನೂತನ
ರಾಜಹಂಸ ಬಸ್ ಸಂಚಾರ ಆರಂಭ

ಸುವರ್ಣವಾಹಿನಿ ಸುದ್ದಿ

ವಿಜಯನಗರ(ಹೊಸಪೇಟೆ),ನ.01: ಹೊಸಪೇಟೆ ಘಟಕದಿಂದ ಸಾರ್ವಜನಿಕರ ಅನುಕೂಲಕ್ಕಾಗಿ ನೂತನ ಪ್ರತಿಷ್ಠಿತ ರಾಜಹಂಸ ಬಸ್ ಸೌಲಭ್ಯವನ್ನು ಬಳ್ಳಾರಿಯಿಂದ ವಾಸ್ಕೋಗೆ ಸಂಚಾರ ಆರಂಭಿಸಲಾಗಿದೆ ಎಂದು ಕಲ್ಯಾಣ ಕರ್ನಾಟಕ ರಸ್ತೆ ಸಾರಿಗೆ ನಿಗಮದ ಹಿರಿಯ ವಿಭಾಗೀಯ ನಿಯಂತ್ರಣಾಧಿಕಾರಿ ರಾಜೇಶ್ ಹುದ್ದಾರ ತಿಳಿಸಿದ್ದಾರೆ.

ಸಂಚರಿಸುವ ಮಾರ್ಗ : ಬಳ್ಳಾರಿಯಿಂದ ರಾತ್ರಿ 07: 15 ಕ್ಕೆ ನಿರ್ಗಮಿಸಿ ಹೊಸಪೇಟೆ, ಕೊಪ್ಪಳ, ಗದಗ, ಹುಬ್ಬಳ್ಳಿ, ಧಾರವಾಡ, ಅಳ್ನಾವರ, ಅನಮೋಡ, ಮೊಲಮ್, ಪೊಂಡಾ ಮತ್ತು ಮಡಗಾವ ಮಾರ್ಗವಾಗಿ ವಾಸ್ಕೋಗೆ ಬೆಳಿಗ್ಗೆ 5:15 ಕ್ಕೆ ತಲುಪುತ್ತದೆ. ಹಾಗೂ ವಾಸ್ಕೋದಿಂದ ಸಂಜೆ 6:30ಕ್ಕೆ ನಿರ್ಗಮಿಸಿ ಬಳ್ಳಾರಿಗೆ ಬೆಳಿಗ್ಗೆ 4:30 ಕ್ಕೆ ತಲುಪಲಿದೆ. ಪ್ರಯಾಣಿಕರು ಈ ಸೌಲಭ್ಯವನ್ನು ಸದುಪಯೋಗ ಪಡೆಯಬೇಕು ಎಂದು ಪ್ರಕಟಣೆಯಲ್ಲಿ ತಿಳಿಸಿದ್ದಾರೆ.

ಸಾರಿಗೆ ಇಲಾಖೆ: ವಿವಿಧ ಸೇವೆ
ಆನ್‍ಲೈನ್‍ನಲ್ಲಿ ಲಭ್ಯ

ಸುವರ್ಣವಾಹಿನಿ ಸುದ್ದಿ

ಬಳ್ಳಾರಿ,ನ.01: ಸಾರಿಗೆ ಇಲಾಖೆಯ ವಿವಿಧ ಸೇವೆಗಳು ಆನ್‍ಲೈನ್ ಗೆ ಒಳಪಡಿಸಿರುವುದರಿಂದ ಬಳ್ಳಾರಿ ಪ್ರಾದೇಶಿಕ ಸಾರಿಗೆ ಕಚೇರಿ ವ್ಯಾಪ್ತಿಯ ವಾಹನಗಳ ನೋಂದಣಿ, ವರ್ಗಾವಣೆ, ಲೈಸೆನ್ಸ್ ಮತ್ತು ಇತರೆ ಸೇವೆಗಳಿಗಾಗಿ ಎಂ-ಪರಿವಾಹನ್ ನಲ್ಲಿನ ವಾಹನ್-4, ಸಾರಥಿ-4 ತಂತ್ರಾಂಶದ ಮೂಲಕ ಪಡೆಯಬಹುದಾಗಿದೆ. ಆನ್ ಲೈನ್ ನಲ್ಲಿ ವಿವಿಧ ಸೇವೆಗಳಿಗಾಗಿ ಅರ್ಜಿ ಸಲ್ಲಿಸಲು ಅಗತ್ಯ ದಾಖಲೆಗಳ ಅಪ್ ಲೋಡ್, ನಿಗದಿತ ಶುಲ್ಕ, ತೆರಿಗೆಗಳನ್ನು ಪಾವತಿಸಿ ಮತ್ತು ಮೂಲ ದಾಖಲೆಗಳ ಸಹಿತ ಅಪ್ ಲೋಡ್ ಮಾಡಿ ಮೂಲ ಪ್ರತಿಗಳನ್ನು ಕಚೇರಿಗೆ ಸಲ್ಲಿಸಬೇಕು. ಸಾರ್ವಜನಿಕರು ಯಾವುದೇ ಮಧ್ಯವರ್ತಿಗಳನ್ನಾಗಲಿ ಅಥವಾ ಅನ್ಯ ವ್ಯಕ್ತಿಗಳನ್ನಾಗಲೀ ಸಂಪರ್ಕಿಸಬಾರದು. ಹೆಚ್ಚಿನ ಮಾಹಿತಿಗಾಗಿ ಪ್ರಾದೇಶಿಕ ಸಾರಿಗೆ ಕಚೇರಿಯ ಮುಖ್ಯಸ್ಥರು, ಅಧೀಕ್ಷಕರು ಹಾಗೂ ಇಲಾಖೆಯ ಅಧಿಕಾರಿಗಳನ್ನು ಸಂಪರ್ಕಿಸಬಹುದು ಎಂದು ಬಳ್ಳಾರಿ ಪ್ರಾದೇಶಿಕ ಸಾರಿಗೆ ಅಧಿಕಾರಿ ಬಿ.ಎಸ್.ಶ್ರೀನಿವಾಸಗಿರಿ ಅವರು ಪ್ರಕಟಣೆಯಲ್ಲಿ ತಿಳಿಸಿದ್ದಾರೆ.

ನ.02 ರಂದು ವಿದ್ಯುತ್ ವ್ಯತ್ಯಯ

ಸುವರ್ಣವಾಹಿನಿ ಸುದ್ದಿ

ಬಳ್ಳಾರಿ,ನ.01: ಬಳ್ಳಾರಿ ನಗರ ಜೆಸ್ಕಾಂ ಉಪವಿಭಾಗ-2 ರ ವ್ಯಾಪ್ತಿಗೆ ಬರುವ 11ಕೆವಿ ಫೀಡರ್‍ನಿಂದ ವಿದ್ಯುತ್ ಸರಬರಾಜಾಗುವ ಎಫ್-09 ಫೀಡರ್‍ನ ರಸ್ತೆ ಅಗಲೀಕರಣ ಕಾಮಗಾರಿ ಕೈಗೊಳ್ಳುತ್ತಿರುವುದರಿಂದ ನ.02 ರಂದು ಬೆಳಿಗ್ಗೆ 10 ಗಂಟೆಯಿಂದ ಸಂಜೆ 05 ಗಂಟೆಯವರೆಗೆ ನಗರದ ವಿವಿಧೆಡೆ ವಿದ್ಯುತ್ ವ್ಯತ್ಯಯವಾಗಲಿದೆ.

•ವಿದ್ಯುತ್ ವ್ಯತ್ಯಯವಾಗುವ ಪ್ರದೇಶಗಳು:•

ನೆಹರು ಕಾಲೋನಿ, ಎಸ್.ಎನ್. ಪೇಟೆ 1ನೇ, 2ನೇ, 4ನೇ, 5ನೇ, 6ನೇ ಅಡ್ಡರಸ್ತೆ, ಶಂಕರ್ ಕಾಲೋನಿ, ಡಿಎಆರ್ ಗ್ರೌಂಡ್, ಕೂಲ್ ಕಾರ್ನರ್, ಡಬಲ್ ರಸ್ತೆ, ಕೋಲಾಚಲಂ ಕಾಂಪೌಂಡ್, ರಾಯಲ್ ಸರ್ಕಲ್, ಗಾಂಧಿ ಭವನ, ಸಿಎಂಸಿ, ಅಂಬಲಿ ಬಾಗ್, ಹಳೇ ತಾಲ್ಲೂಕು ಕಚೇರಿ, ಡಿಸಿ ಕಚೇರಿ, ರೈಲ್ವೇ ಸ್ಟೇಷನ್ ರೋಡ್ ಸೇರಿದಂತೆ ಇನ್ನೂ ಮುಂತಾದ ಏರಿಯಾಗಳಲ್ಲಿ ವಿದ್ಯುತ್ ವ್ಯತ್ಯಯವಾಗಲಿದೆ.

ಸಾರ್ವಜನಿಕರು ಮತ್ತು ವಿದ್ಯುತ್ ಗ್ರಾಹಕರು ಸಹಕರಿಸಬೇಕು ಎಂದು ಕಾರ್ಯನಿರ್ವಾಹಕ ಅಭಿಯಂತರರು ಪ್ರಕಟಣೆಯಲ್ಲಿ ತಿಳಿಸಿದ್ದಾರೆ.

ವ್ಯಕ್ತಿ ಕಾಣೆ: ಪತ್ತೆಗೆ ಮನವಿ

ಸುವರ್ಣವಾಹಿನಿ ಸುದ್ದಿ

ಬಳ್ಳಾರಿ,ನ.01: ನಗರದ ದ್ವಾರಕ ಲಾಡ್ಜ್‌ನಲ್ಲಿ ಸಪ್ಲೆಯರ್ ಆಗಿ ಕೆಲಸ ಮಾಡುತ್ತಿದ್ದ ಆಂಧ್ರಪ್ರದೇಶದ ಅನಂತಪುರ ಜಿಲ್ಲೆಯ ರಾಯದುರ್ಗ ತಾಲ್ಲೂಕಿನ ಗುಮ್ಮಘಟ್ಟ ಮಂಡಲದ ಗಲಗಲ ಗ್ರಾಮದ ನಿವಾಸಿ ರಾಮಾಂಜಿನೇಯುಲು ಎನ್ನುವ 50 ವರ್ಷದ ವ್ಯಕ್ತಿಯು ಅ.29 ರಂದು ಕಾಣೆಯಾದ ಕುರಿತು ಎಪಿಎಂಸಿ ಯಾರ್ಡ್ ಪೊಲೀಸ್ ಠಾಣೆಯಲ್ಲಿ ಪ್ರಕರಣ ದಾಖಲಾಗಿದ್ದು, ಕಾಣೆ-

ಯಾದ ವ್ಯಕ್ತಿಯ ಪತ್ತೆಗೆ ಸಹಕರಿಸಬೇಕು ಎಂದು ಪೊಲೀಸ್ ಠಾಣಾಧಿಕಾರಿ ಮನವಿ ಮಾಡಿದ್ದಾರೆ. ಚಹರೆ: ಅಂದಾಜು 5 ಅಡಿ ಎತ್ತರ, ದುಂಡುಮುಖ, ಗೋದಿ ಮೈಬಣ್ಣ, ದೃಢ ಮೈಕಟ್ಟು ಹೊಂದಿದ್ದು, ಕಾಣೆಯಾದ ಸಂದರ್ಭದಲ್ಲಿ ಆಲಿವ್ ಬಣ್ಣ ಆಫ್ ತೋಳಿನ ಅಂಗಿ ಮತ್ತು ಬಾದಾಮಿ ಬಣ್ಣದ ಪ್ಯಾಂಟ್ ಧರಿಸಿರುತ್ತಾನೆ. ಕನ್ನಡ, ತೆಲುಗು, ಭಾಷೆ ಮಾತನಾಡುತ್ತಾನೆ. ಮೇಲ್ಕಂಡ ಚಹರೆ ಗುರುತುಗಳುಳ್ಳ ವ್ಯಕ್ತಿಯ ಬಗ್ಗೆ ಮಾಹಿತಿ ಸಿಕ್ಕಲ್ಲಿ ಎಪಿಎಂಸಿ ಯಾರ್ಡ್ ಪೊಲೀಸ್ ಠಾಣೆಯ ದೂ.08392-250033, 9480803096 ಮತ್ತು ಬಳ್ಳಾರಿ ಪೊಲೀಸ್ ಕಂಟ್ರೋಲ್ ರೂಂ.08392-258100 ಗೆ ಸಂಪರ್ಕಿಸಬಹುದು ಎಂದು ಪ್ರಕಟಣೆಯಲ್ಲಿ ತಿಳಿಸಿದ್ದಾರೆ.

ಬಳ್ಳಾರಿ: ಲಿಂಗತ್ವ ಅಲ್ಪಸಂಖ್ಯಾತರ
ಮೂಲಹಂತದ ಸಮೀಕ್ಷೆಯ ಅವಧಿ ವಿಸ್ತರಣೆ

ಸುವರ್ಣವಾಹಿನಿ ಸುದ್ದಿ

ಬಳ್ಳಾರಿ,ನ.01: ಜಿಲ್ಲೆಯಲ್ಲಿ ಲಿಂಗತ್ವ ಅಲ್ಪಸಂಖ್ಯಾತರ ಮೂಲಹಂತದ ಸಮೀಕ್ಷೆಯು ಈಗಾಗಲೇ ಚಾಲ್ತಿಯಲ್ಲಿದ್ದು, ಸಮೀಕ್ಷಾ ಅವಧಿಯನ್ನು ನವೆಂಬರ್ 21 ರ ವರೆಗೆ ವಿಸ್ತರಿಸಲಾಗಿದೆ ಎಂದು ಮಹಿಳಾ ಮತ್ತು ಮಕ್ಕಳ ಅಭಿವೃದ್ಧಿ ಇಲಾಖೆಯ ಉಪನಿರ್ದೇಶಕರು ತಿಳಿಸಿದ್ದಾರೆ. ಲಿಂಗತ್ವ ಅಲ್ಪ ಸಂಖ್ಯಾತರಿಗೆ ಪುನರ್ವಸತಿ ಕಲ್ಪಿಸುವ ಸಲುವಾಗಿ (ಸಾಮಾಜಿಕ ಆರ್ಥಿಕ ಮತ್ತು ಶೈಕ್ಷಣಿಕ) ಸಾಮಾಜಿಕ ಮತ್ತು ಆರ್ಥಿಕ ಸ್ಥಿತಿಗತಿ ಕುರಿತಂತೆ ನಿಖರ ಮಾಹಿತಿಯನ್ನು ಸಂಗ್ರಹಿಸುವ ನಿಟ್ಟಿನಲ್ಲಿ ಕರ್ನಾಟಕ ರಾಜ್ಯ ಮಹಿಳಾ ಮತ್ತು ಮಕ್ಕಳ ಅಭಿವೃದ್ಧಿ ಹಾಗೂ ವಿಕಲಚೇತನರ ಮತ್ತು ಹಿರಿಯ ನಾಗರಿಕರ ಸಬಲೀಕರಣ ಇಲಾಖೆ, ಕರ್ನಾಟಕ ರಾಜ್ಯ ಮಹಿಳಾ ಅಭಿವೃದ್ಧಿ ನಿಗಮದಿಂದ ಮೊದಲ ಬಾರಿಗೆ ರಾಜ್ಯಾದ್ಯಂತ ಲಿಂಗತ್ವ ಅಲ್ಪಸಂಖ್ಯಾತರ ಮೂಲಹಂತದ ಸಮೀಕ್ಷೆ ನಡೆಸಲಾಗುತ್ತಿದೆ. ಅರ್ಹ ಲಿಂಗತ್ವ ಅಲ್ಪಸಂಖ್ಯಾತರ ಫಲಾನುಭವಿಗಳು ಜಿಲ್ಲಾ ಮತ್ತು ತಾಲ್ಲೂಕು ಆಸ್ಪತ್ರೆಗಳಲ್ಲಿ, ಮಹಿಳಾ ಮತ್ತು ಮಕ್ಕಳ ಅಭಿವೃದ್ಧಿ ಇಲಾಖೆಯ ಉಪ ನಿರ್ದೇಶಕರ ಕಚೇರಿಗೆ ಭೇಟಿ ನೀಡಿ ನೀಡಿ ತಮ್ಮ ಹೆಸರು ಹಾಗೂ ವಿವರಗಳನ್ನು ನೋಂದಾಯಿಸಿಕೊಳ್ಳಬಹುದು. ಹೆಚ್ಚಿನ ಮಾಹಿತಿಗಾಗಿ ಸಹಾಯವಾಣಿ ಸಂಖ್ಯೆ 18005992025 ಗೆ ಕರೆ ಮಾಡಿ ಮಾಹಿತಿ ಪಡೆಯಬಹುದು ಎಂದು ಅವರು ಪ್ರಕಟಣೆಯಲ್ಲಿ ತಿಳಿಸಿದ್ದಾರೆ.

ಸಿರುಗುಪ್ಪ: ಬೀಜದ ಕಿಟ್ ಪಡೆಯಲು
ಅರ್ಜಿ ಆಹ್ವಾನ

ಸುವರ್ಣವಾಹಿನಿ ಸುದ್ದಿ

ಬಳ್ಳಾರಿ,ನ.01: ಸಿರುಗುಪ್ಪ ತೋಟಗಾರಿಕೆ ಇಲಾಖೆ ವತಿಯಿಂದ ಪ್ರಸಕ್ತ ಸಾಲಿಗೆ ಕೆ.ಕೆ.ಆರ್.ಡಿ.ಬಿ ಯೋಜನೆಯಡಿ ಪರಿಶಿಷ್ಟ ಜಾತಿ ಮತ್ತು ಪರಿಶಿಷ್ಟ ಪಂಗಡ ವರ್ಗದವರಿಗೆ ತರಕಾರಿ ಬೀಜದ ಕಿಟ್ ವಿತರಣೆ ಮಾಡಲು ಉದ್ದೇಶಿಸಲಾಗಿದ್ದು, ಅರ್ಹರಿಂದ ಅರ್ಜಿ ಆಹ್ವಾನಿಸಲಾಗಿದೆ. ಪರಿಶಿಷ್ಟ ಜಾತಿಯ ಭೌತಿಕ 200 ಫಲಾನುಭವಿಗಳಿಗೆ ಆರ್ಥಿಕ ರೂ.10 ಲಕ್ಷ ಮತ್ತು ಪರಿಶಿಷ್ಟ ಪಂಗಡದ ಭೌತಿಕ 800 ಫಲಾನುಭವಿಗಳಿಗೆ ಆರ್ಥಿಕ ರೂ.40 ಲಕ್ಷ ಇದೆ. ಆಸಕ್ತ ರೈತರು ಪ್ರಸಕ್ತ ಸಾಲಿನ ಪಹಣಿ, ಬ್ಯಾಂಕ್ ಖಾತೆಯ ಪುಸ್ತಕ, ಜಾತಿ ಪ್ರಮಾಣ ಪತ್ರ, ಆಧಾರ್ ಕಾರ್ಡ್‍ಗಳೊಂದಿಗೆ ನವೆಂಬರ್ 15 ರೊಳಗಾಗಿ ಆಯಾ ಹೋಬಳಿಯ ಅಧಿಕಾರಿಗಳಿಗೆ ಅಥವಾ ಸಿರುಗುಪ್ಪ ಹಿರಿಯ ಸಹಾಯಕ ತೋಟಗಾರಿಕೆ ನಿರ್ದೇಶಕರ ಕಚೇರಿಗೆ ಭೇಟಿ ನೀಡಿ ಸಂಪರ್ಕಿಸಬಹುದು ಎಂದು ಸಿರುಗುಪ್ಪ ಹಿರಿಯ ಸಹಾಯಕ ತೋಟಗಾರಿಕೆ ನಿರ್ದೇಶಕ ಮಹೇಶ ಅವರು ಪ್ರಕಟಣೆಯಲ್ಲಿ ತಿಳಿಸಿದ್ದಾರೆ.
